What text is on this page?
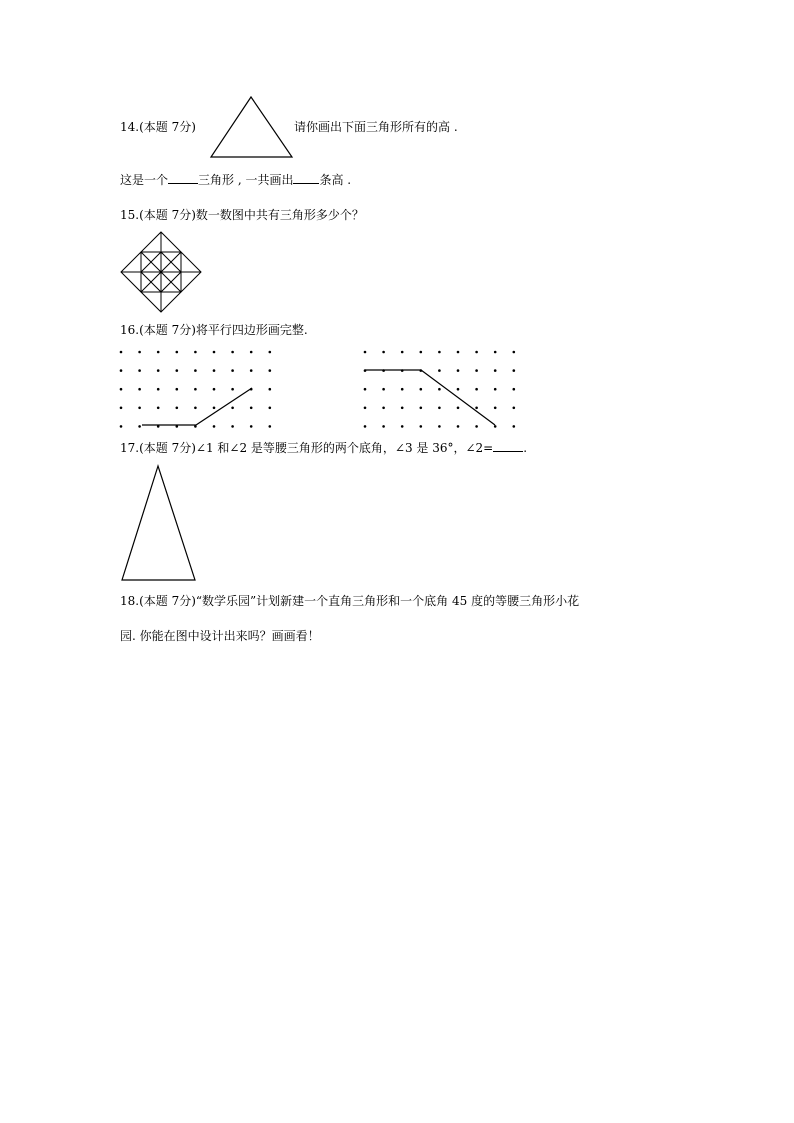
14.(本题 7分)	请你画出下面三角形所有的高 .
这是一个	三角形 , 一共画出 条高 .
15.(本题 7分)数一数图中共有三角形多少个？
16.(本题 7分)将平行四边形画完整.
17.(本题 7分)∠1 和∠2 是等腰三角形的两个底角，∠3 是 36°，∠2=	.
18.(本题 7分)“数学乐园”计划新建一个直角三角形和一个底角 45 度的等腰三角形小花
园. 你能在图中设计出来吗？画画看！
